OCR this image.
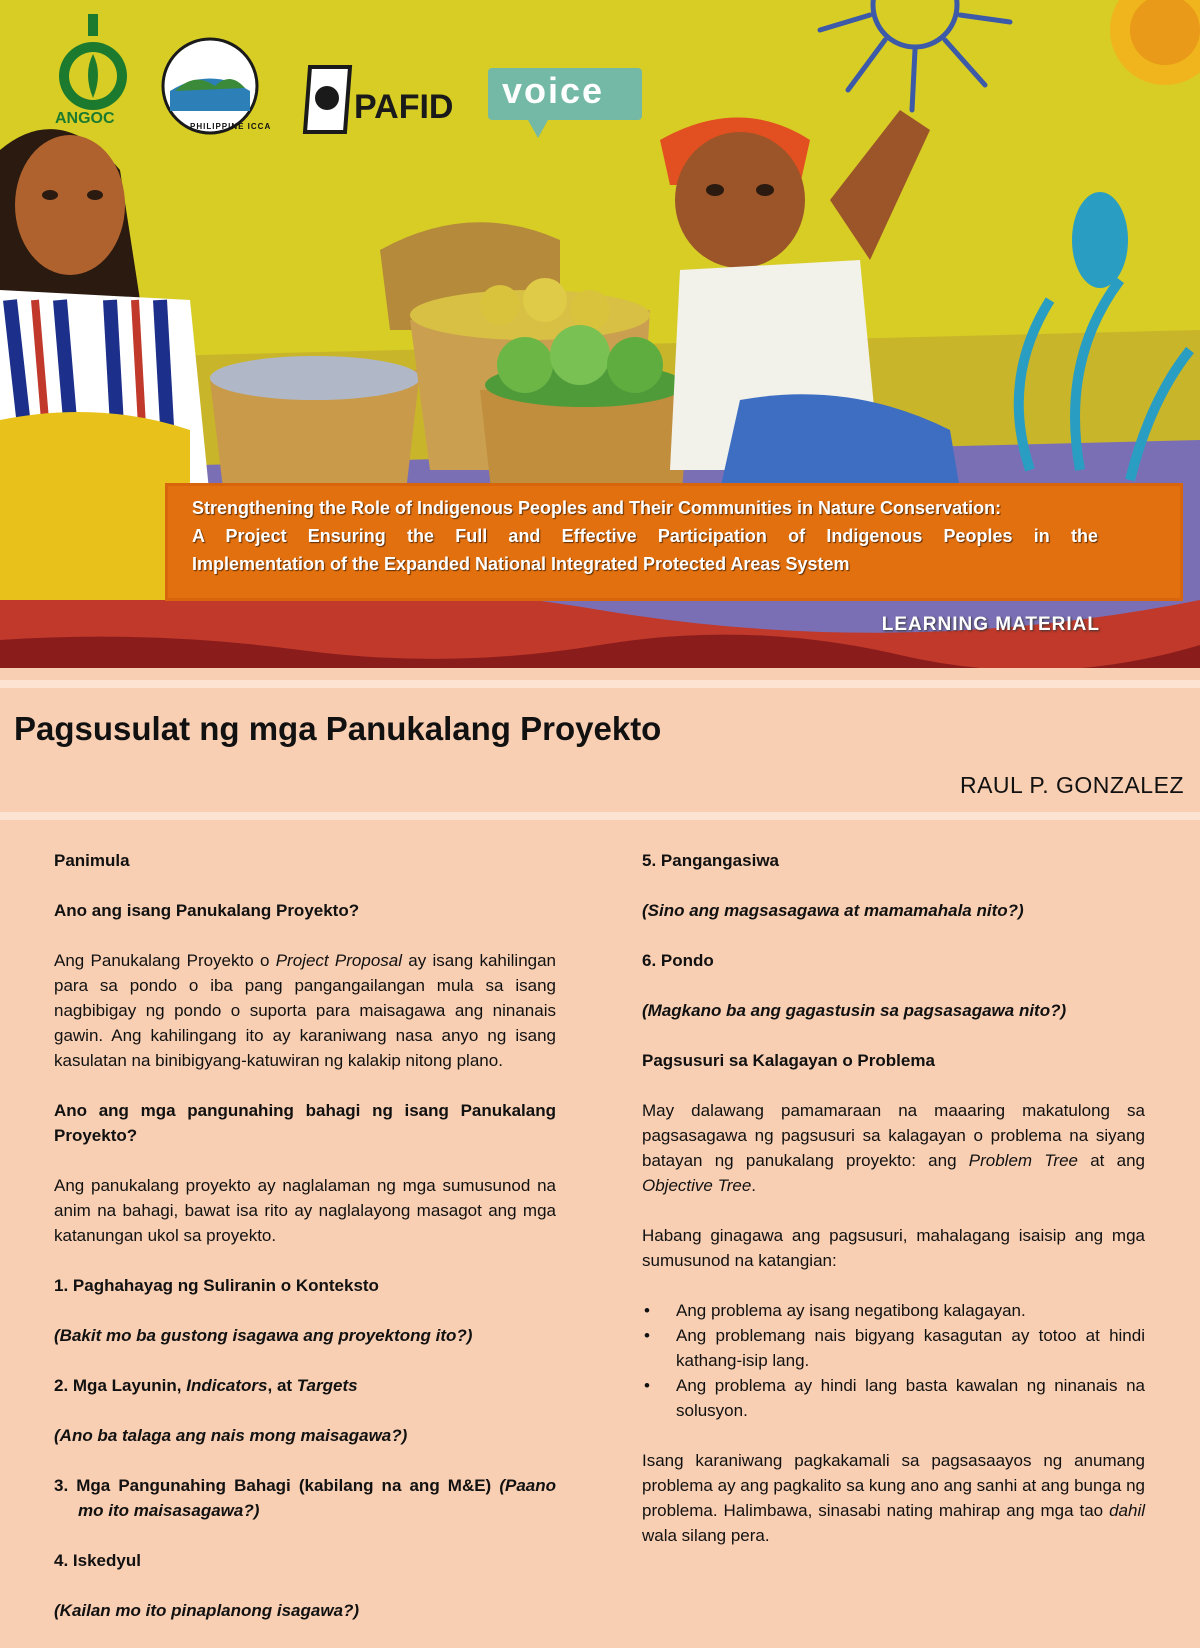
ANGOC	PHILIPPINE ICCA
PAFID voice
Strengthening the Role of Indigenous Peoples and Their Communities in Nature Conservation:
A Project Ensuring the Full and Effective Participation of Indigenous Peoples in the
Implementation of the Expanded National Integrated Protected Areas System
LEARNING MATERIAL
Pagsusulat ng mga Panukalang Proyekto
RAUL P. GONZALEZ
Panimula
Ano ang isang Panukalang Proyekto?

Ang Panukalang Proyekto o Project Proposal ay isang kahilingan para sa pondo o iba pang pangangailangan mula sa isang nagbibigay ng pondo o suporta para maisagawa ang ninanais gawin. Ang kahilingang ito ay karaniwang nasa anyo ng isang kasulatan na binibigyang-katuwiran ng kalakip nitong plano.

Ano ang mga pangunahing bahagi ng isang Panukalang Proyekto?

Ang panukalang proyekto ay naglalaman ng mga sumusunod na anim na bahagi, bawat isa rito ay naglalayong masagot ang mga katanungan ukol sa proyekto.

1. Paghahayag ng Suliranin o Konteksto

(Bakit mo ba gustong isagawa ang proyektong ito?)

2. Mga Layunin, Indicators, at Targets

(Ano ba talaga ang nais mong maisagawa?)

3. Mga Pangunahing Bahagi (kabilang na ang M&E) (Paano mo ito maisasagawa?)

4. Iskedyul

(Kailan mo ito pinaplanong isagawa?)

5. Pangangasiwa

(Sino ang magsasagawa at mamamahala nito?)

6. Pondo

(Magkano ba ang gagastusin sa pagsasagawa nito?)

Pagsusuri sa Kalagayan o Problema

May dalawang pamamaraan na maaaring makatulong sa pagsasagawa ng pagsusuri sa kalagayan o problema na siyang batayan ng panukalang proyekto: ang Problem Tree at ang Objective Tree.

Habang ginagawa ang pagsusuri, mahalagang isaisip ang mga sumusunod na katangian:

• Ang problema ay isang negatibong kalagayan.
• Ang problemang nais bigyang kasagutan ay totoo at hindi kathang-isip lang.
• Ang problema ay hindi lang basta kawalan ng ninanais na solusyon.

Isang karaniwang pagkakamali sa pagsasaayos ng anumang problema ay ang pagkalito sa kung ano ang sanhi at ang bunga ng problema. Halimbawa, sinasabi nating mahirap ang mga tao dahil wala silang pera.
